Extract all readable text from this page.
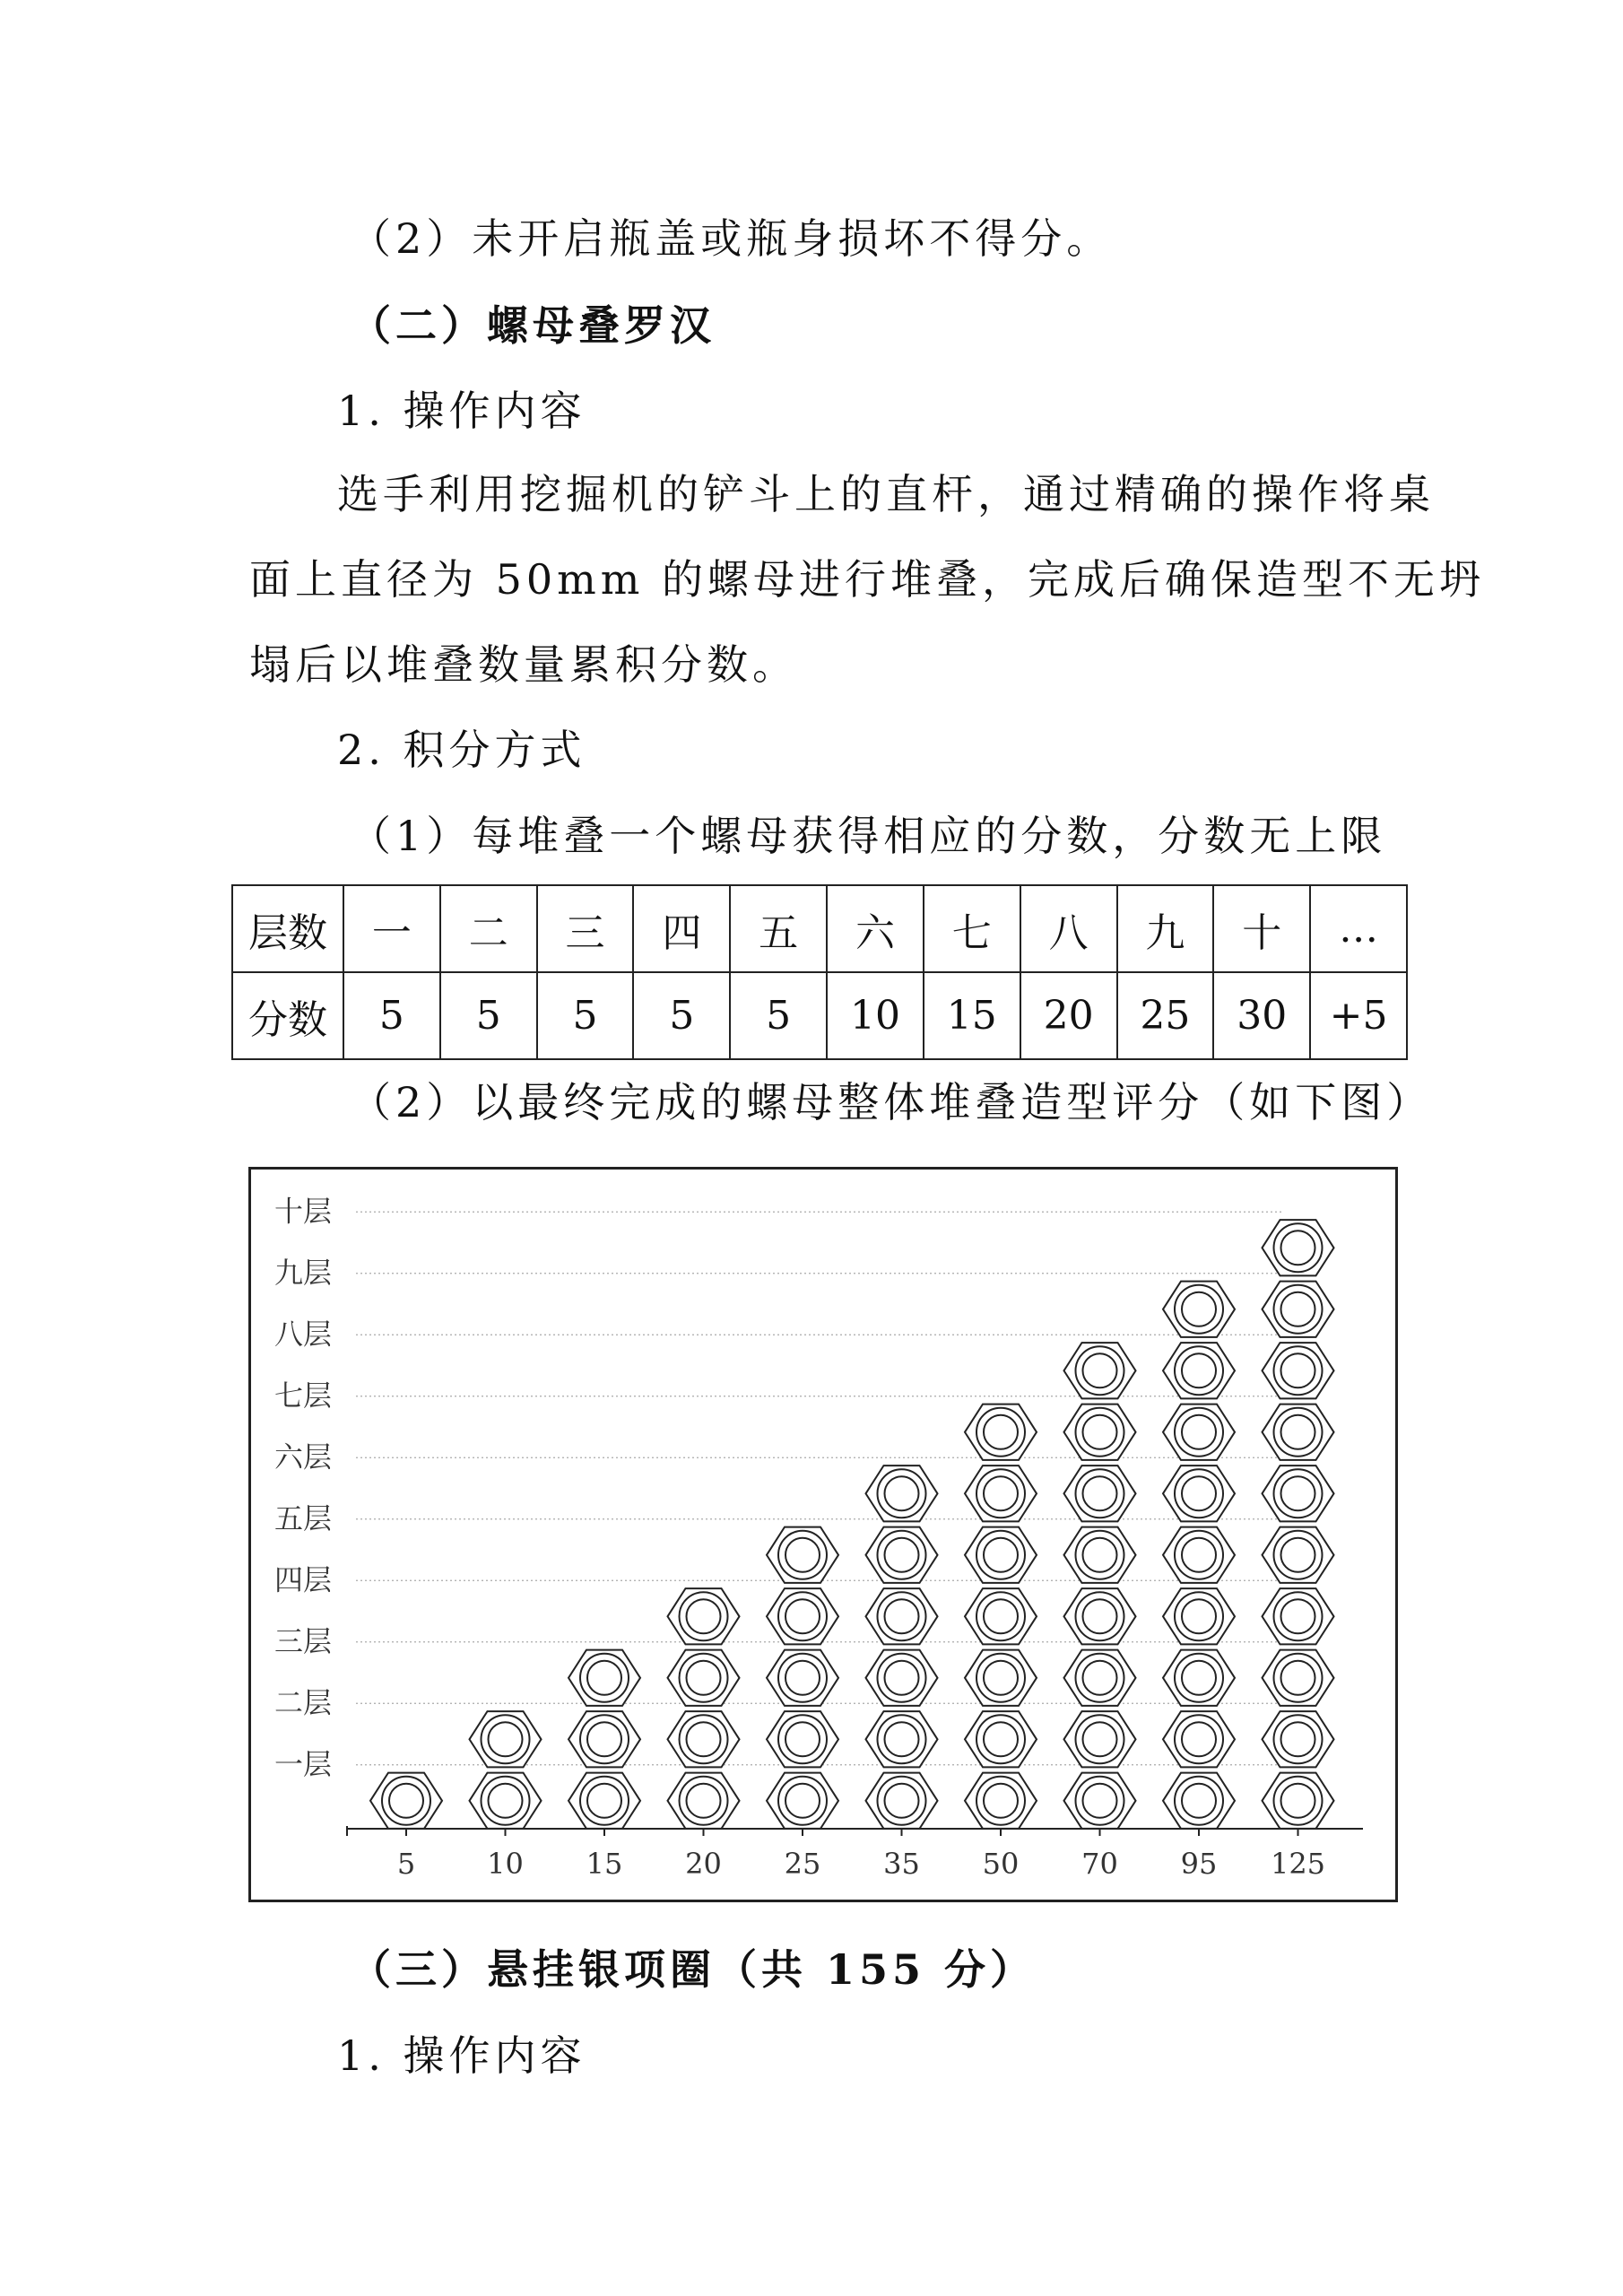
（2）未开启瓶盖或瓶身损坏不得分。
（二）螺母叠罗汉
1. 操作内容
选手利用挖掘机的铲斗上的直杆，通过精确的操作将桌
面上直径为 50mm 的螺母进行堆叠，完成后确保造型不无坍
塌后以堆叠数量累积分数。
2. 积分方式
（1）每堆叠一个螺母获得相应的分数，分数无上限
层数	一	二	三	四	五	六	七	八	九	十	…
分数	5	5	5	5	5	10	15	20	25	30	+5
（2）以最终完成的螺母整体堆叠造型评分（如下图）
一层
二层
三层
四层
五层
六层
七层
八层
九层
十层
5 10 15 20 25 35 50 70 95 125
（三）悬挂银项圈（共 155 分）
1. 操作内容
